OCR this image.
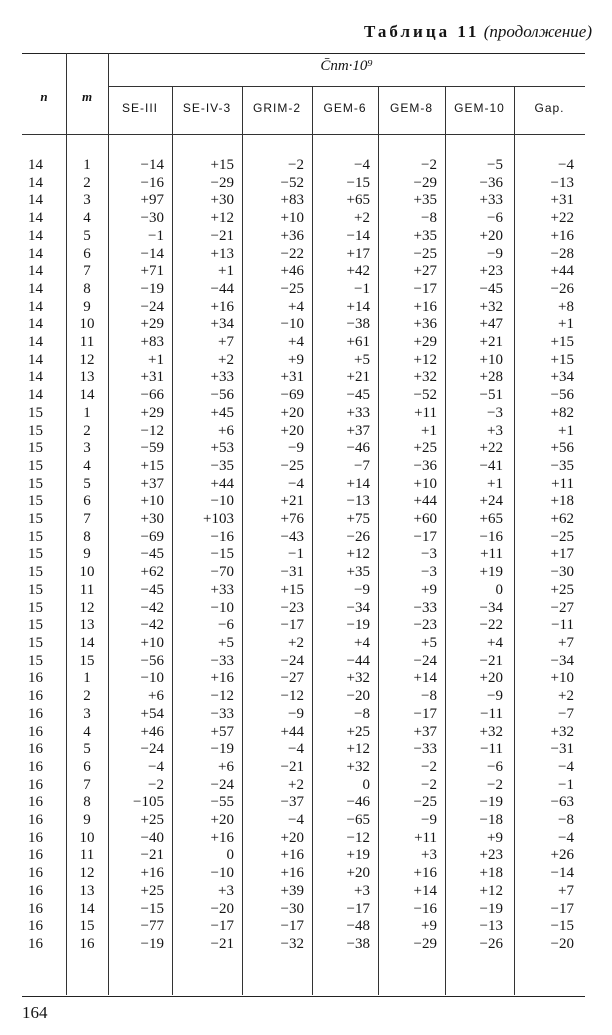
Таблица 11 (продолжение)
n	m
C̄nm·10⁹
SE-III	SE-IV-3	GRIM-2	GEM-6	GEM-8	GEM-10	Gap.
14	1	−14	+15	−2	−4	−2	−5	−4
14	2	−16	−29	−52	−15	−29	−36	−13
14	3	+97	+30	+83	+65	+35	+33	+31
14	4	−30	+12	+10	+2	−8	−6	+22
14	5	−1	−21	+36	−14	+35	+20	+16
14	6	−14	+13	−22	+17	−25	−9	−28
14	7	+71	+1	+46	+42	+27	+23	+44
14	8	−19	−44	−25	−1	−17	−45	−26
14	9	−24	+16	+4	+14	+16	+32	+8
14	10	+29	+34	−10	−38	+36	+47	+1
14	11	+83	+7	+4	+61	+29	+21	+15
14	12	+1	+2	+9	+5	+12	+10	+15
14	13	+31	+33	+31	+21	+32	+28	+34
14	14	−66	−56	−69	−45	−52	−51	−56
15	1	+29	+45	+20	+33	+11	−3	+82
15	2	−12	+6	+20	+37	+1	+3	+1
15	3	−59	+53	−9	−46	+25	+22	+56
15	4	+15	−35	−25	−7	−36	−41	−35
15	5	+37	+44	−4	+14	+10	+1	+11
15	6	+10	−10	+21	−13	+44	+24	+18
15	7	+30	+103	+76	+75	+60	+65	+62
15	8	−69	−16	−43	−26	−17	−16	−25
15	9	−45	−15	−1	+12	−3	+11	+17
15	10	+62	−70	−31	+35	−3	+19	−30
15	11	−45	+33	+15	−9	+9	0	+25
15	12	−42	−10	−23	−34	−33	−34	−27
15	13	−42	−6	−17	−19	−23	−22	−11
15	14	+10	+5	+2	+4	+5	+4	+7
15	15	−56	−33	−24	−44	−24	−21	−34
16	1	−10	+16	−27	+32	+14	+20	+10
16	2	+6	−12	−12	−20	−8	−9	+2
16	3	+54	−33	−9	−8	−17	−11	−7
16	4	+46	+57	+44	+25	+37	+32	+32
16	5	−24	−19	−4	+12	−33	−11	−31
16	6	−4	+6	−21	+32	−2	−6	−4
16	7	−2	−24	+2	0	−2	−2	−1
16	8	−105	−55	−37	−46	−25	−19	−63
16	9	+25	+20	−4	−65	−9	−18	−8
16	10	−40	+16	+20	−12	+11	+9	−4
16	11	−21	0	+16	+19	+3	+23	+26
16	12	+16	−10	+16	+20	+16	+18	−14
16	13	+25	+3	+39	+3	+14	+12	+7
16	14	−15	−20	−30	−17	−16	−19	−17
16	15	−77	−17	−17	−48	+9	−13	−15
16	16	−19	−21	−32	−38	−29	−26	−20
164
